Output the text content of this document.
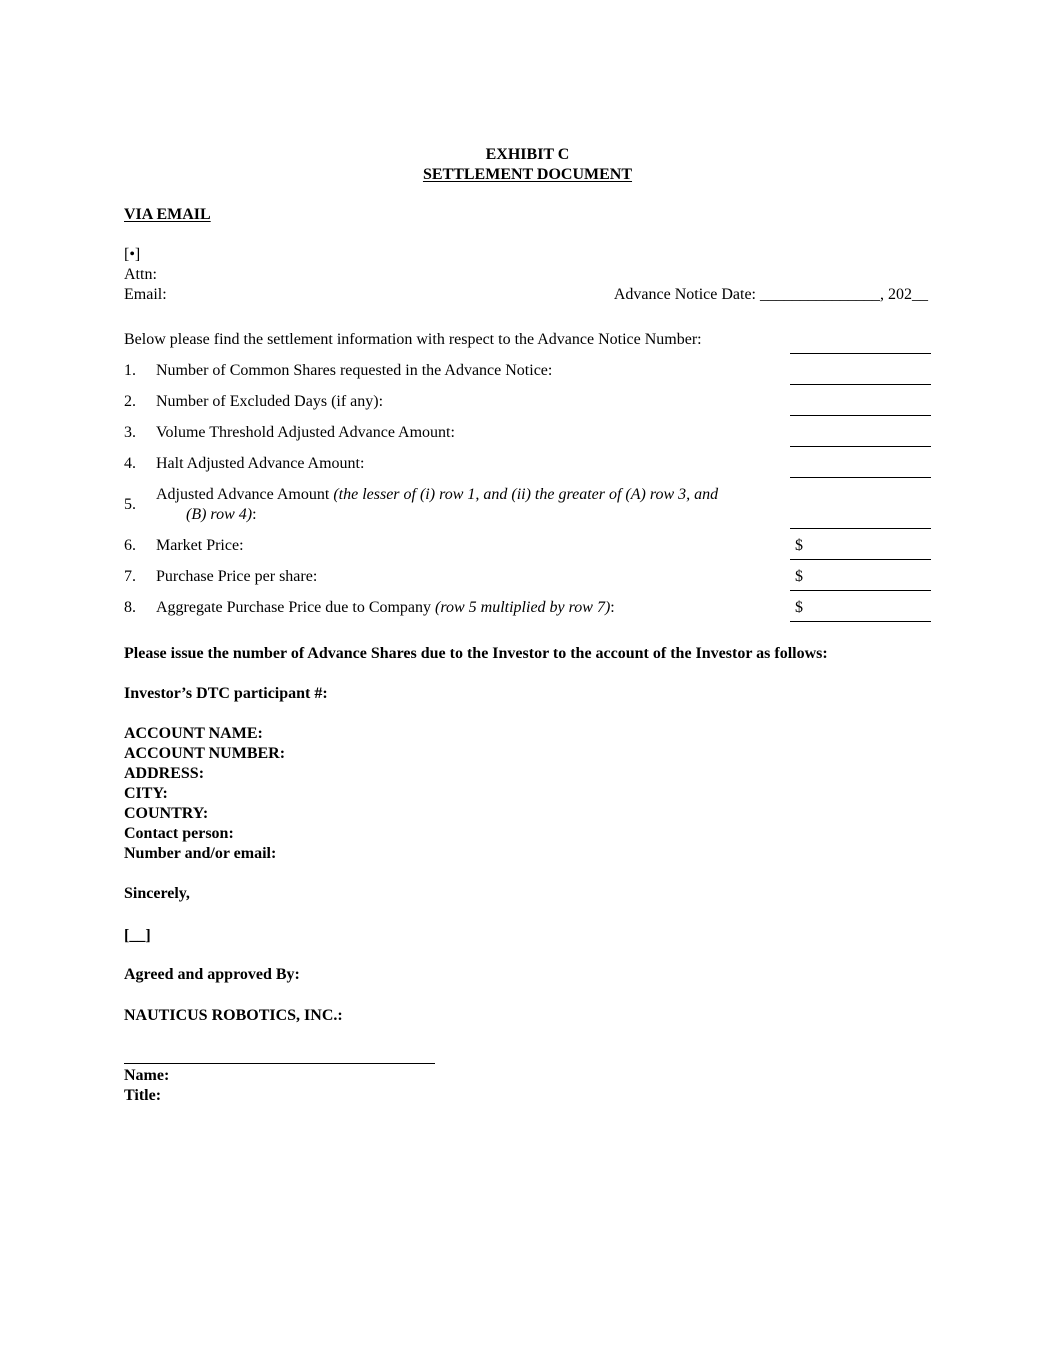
EXHIBIT C
SETTLEMENT DOCUMENT
VIA EMAIL
[•]
Attn:
Email:	Advance Notice Date: _______________, 202__
Below please find the settlement information with respect to the Advance Notice Number:
1. Number of Common Shares requested in the Advance Notice:
2. Number of Excluded Days (if any):
3. Volume Threshold Adjusted Advance Amount:
4. Halt Adjusted Advance Amount:
5.
Adjusted Advance Amount (the lesser of (i) row 1, and (ii) the greater of (A) row 3, and
(B) row 4):
6. Market Price:	$
7. Purchase Price per share:	$
8. Aggregate Purchase Price due to Company (row 5 multiplied by row 7):	$
Please issue the number of Advance Shares due to the Investor to the account of the Investor as follows:
Investor’s DTC participant #:
ACCOUNT NAME:
ACCOUNT NUMBER:
ADDRESS:
CITY:
COUNTRY:
Contact person:
Number and/or email:
Sincerely,
[__]
Agreed and approved By:
NAUTICUS ROBOTICS, INC.:
Name:
Title:
